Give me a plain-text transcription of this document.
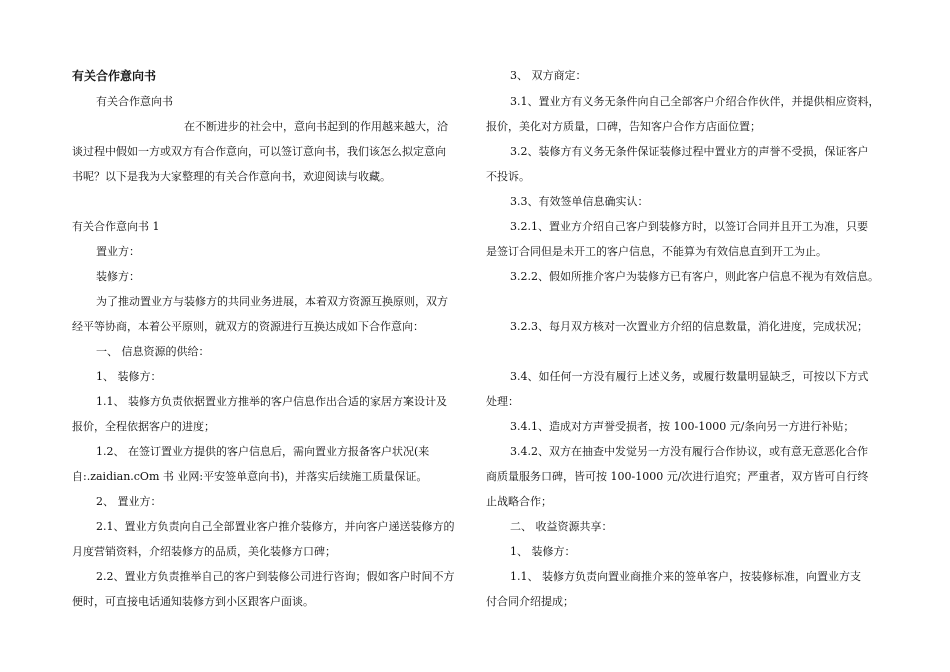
有关合作意向书
有关合作意向书
在不断进步的社会中，意向书起到的作用越来越大，洽
谈过程中假如一方或双方有合作意向，可以签订意向书，我们该怎么拟定意向
书呢？以下是我为大家整理的有关合作意向书，欢迎阅读与收藏。
有关合作意向书 1
置业方：
装修方：
为了推动置业方与装修方的共同业务进展，本着双方资源互换原则，双方
经平等协商，本着公平原则，就双方的资源进行互换达成如下合作意向：
一、 信息资源的供给：
1、 装修方：
1.1、 装修方负责依据置业方推举的客户信息作出合适的家居方案设计及
报价，全程依据客户的进度；
1.2、 在签订置业方提供的客户信息后，需向置业方报备客户状况(来
自:.zaidian.cOm 书 业网:平安签单意向书)，并落实后续施工质量保证。
2、 置业方：
2.1、置业方负责向自己全部置业客户推介装修方，并向客户递送装修方的
月度营销资料，介绍装修方的品质，美化装修方口碑；
2.2、置业方负责推举自己的客户到装修公司进行咨询；假如客户时间不方
便时，可直接电话通知装修方到小区跟客户面谈。
3、 双方商定：
3.1、置业方有义务无条件向自己全部客户介绍合作伙伴，并提供相应资料，
报价，美化对方质量，口碑，告知客户合作方店面位置；
3.2、装修方有义务无条件保证装修过程中置业方的声誉不受损，保证客户
不投诉。
3.3、有效签单信息确实认：
3.2.1、置业方介绍自己客户到装修方时，以签订合同并且开工为准，只要
是签订合同但是未开工的客户信息，不能算为有效信息直到开工为止。
3.2.2、假如所推介客户为装修方已有客户，则此客户信息不视为有效信息。
3.2.3、每月双方核对一次置业方介绍的信息数量，消化进度，完成状况；
3.4、如任何一方没有履行上述义务，或履行数量明显缺乏，可按以下方式
处理：
3.4.1、造成对方声誉受损者，按 100-1000 元/条向另一方进行补贴；
3.4.2、双方在抽查中发觉另一方没有履行合作协议，或有意无意恶化合作
商质量服务口碑，皆可按 100-1000 元/次进行追究；严重者，双方皆可自行终
止战略合作；
二、 收益资源共享：
1、 装修方：
1.1、 装修方负责向置业商推介来的签单客户，按装修标准，向置业方支
付合同介绍提成；
